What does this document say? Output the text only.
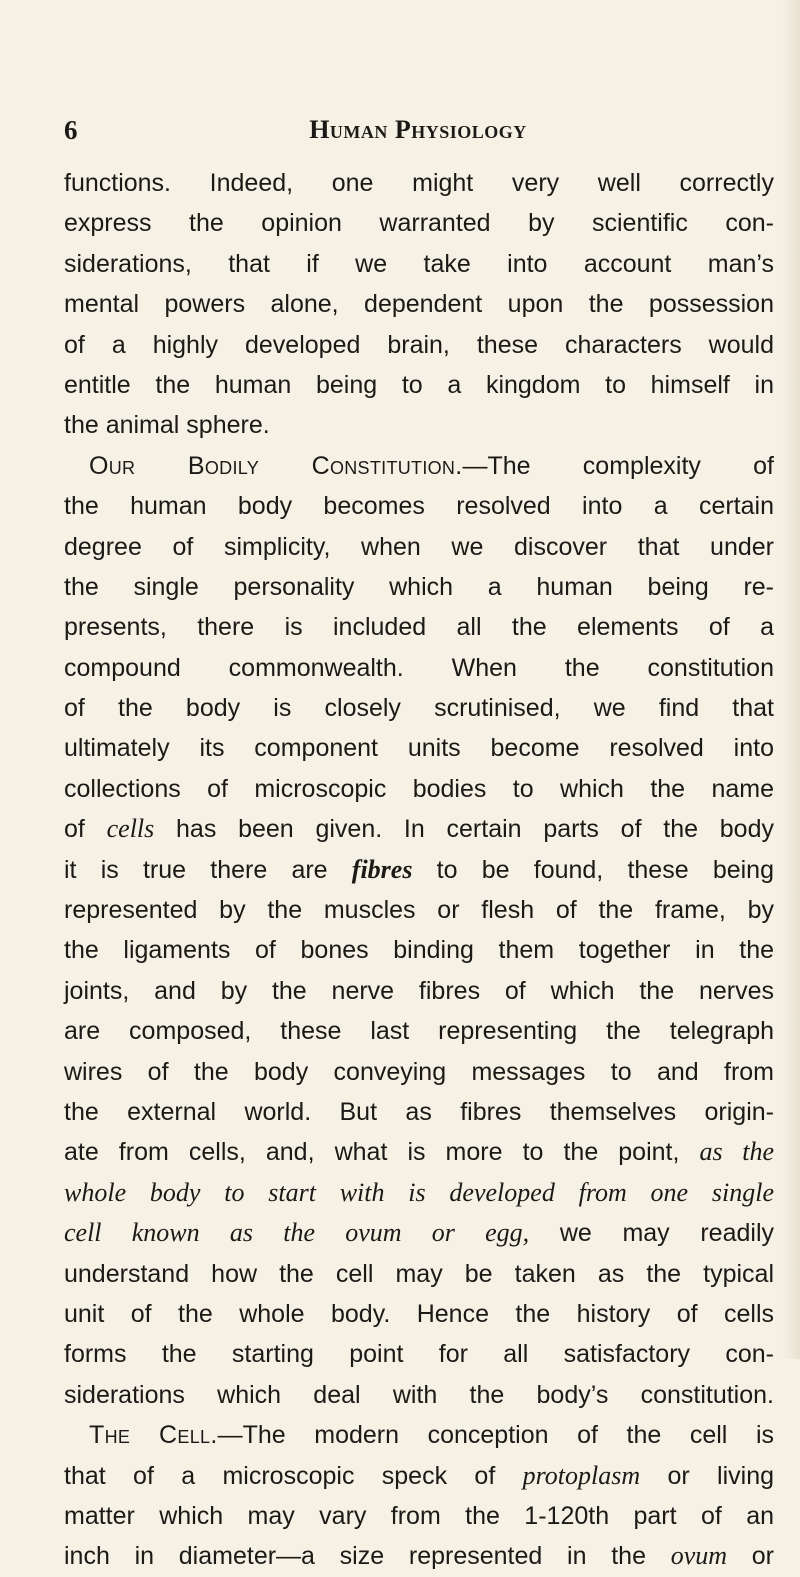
6	Human Physiology
functions. Indeed, one might very well correctly
express the opinion warranted by scientific con-
siderations, that if we take into account man’s
mental powers alone, dependent upon the possession
of a highly developed brain, these characters would
entitle the human being to a kingdom to himself in
the animal sphere.
Our Bodily Constitution.—The complexity of
the human body becomes resolved into a certain
degree of simplicity, when we discover that under
the single personality which a human being re-
presents, there is included all the elements of a
compound commonwealth. When the constitution
of the body is closely scrutinised, we find that
ultimately its component units become resolved into
collections of microscopic bodies to which the name
of cells has been given. In certain parts of the body
it is true there are fibres to be found, these being
represented by the muscles or flesh of the frame, by
the ligaments of bones binding them together in the
joints, and by the nerve fibres of which the nerves
are composed, these last representing the telegraph
wires of the body conveying messages to and from
the external world. But as fibres themselves origin-
ate from cells, and, what is more to the point, as the
whole body to start with is developed from one single
cell known as the ovum or egg, we may readily
understand how the cell may be taken as the typical
unit of the whole body. Hence the history of cells
forms the starting point for all satisfactory con-
siderations which deal with the body’s constitution.
The Cell.—The modern conception of the cell is
that of a microscopic speck of protoplasm or living
matter which may vary from the 1-120th part of an
inch in diameter—a size represented in the ovum or
